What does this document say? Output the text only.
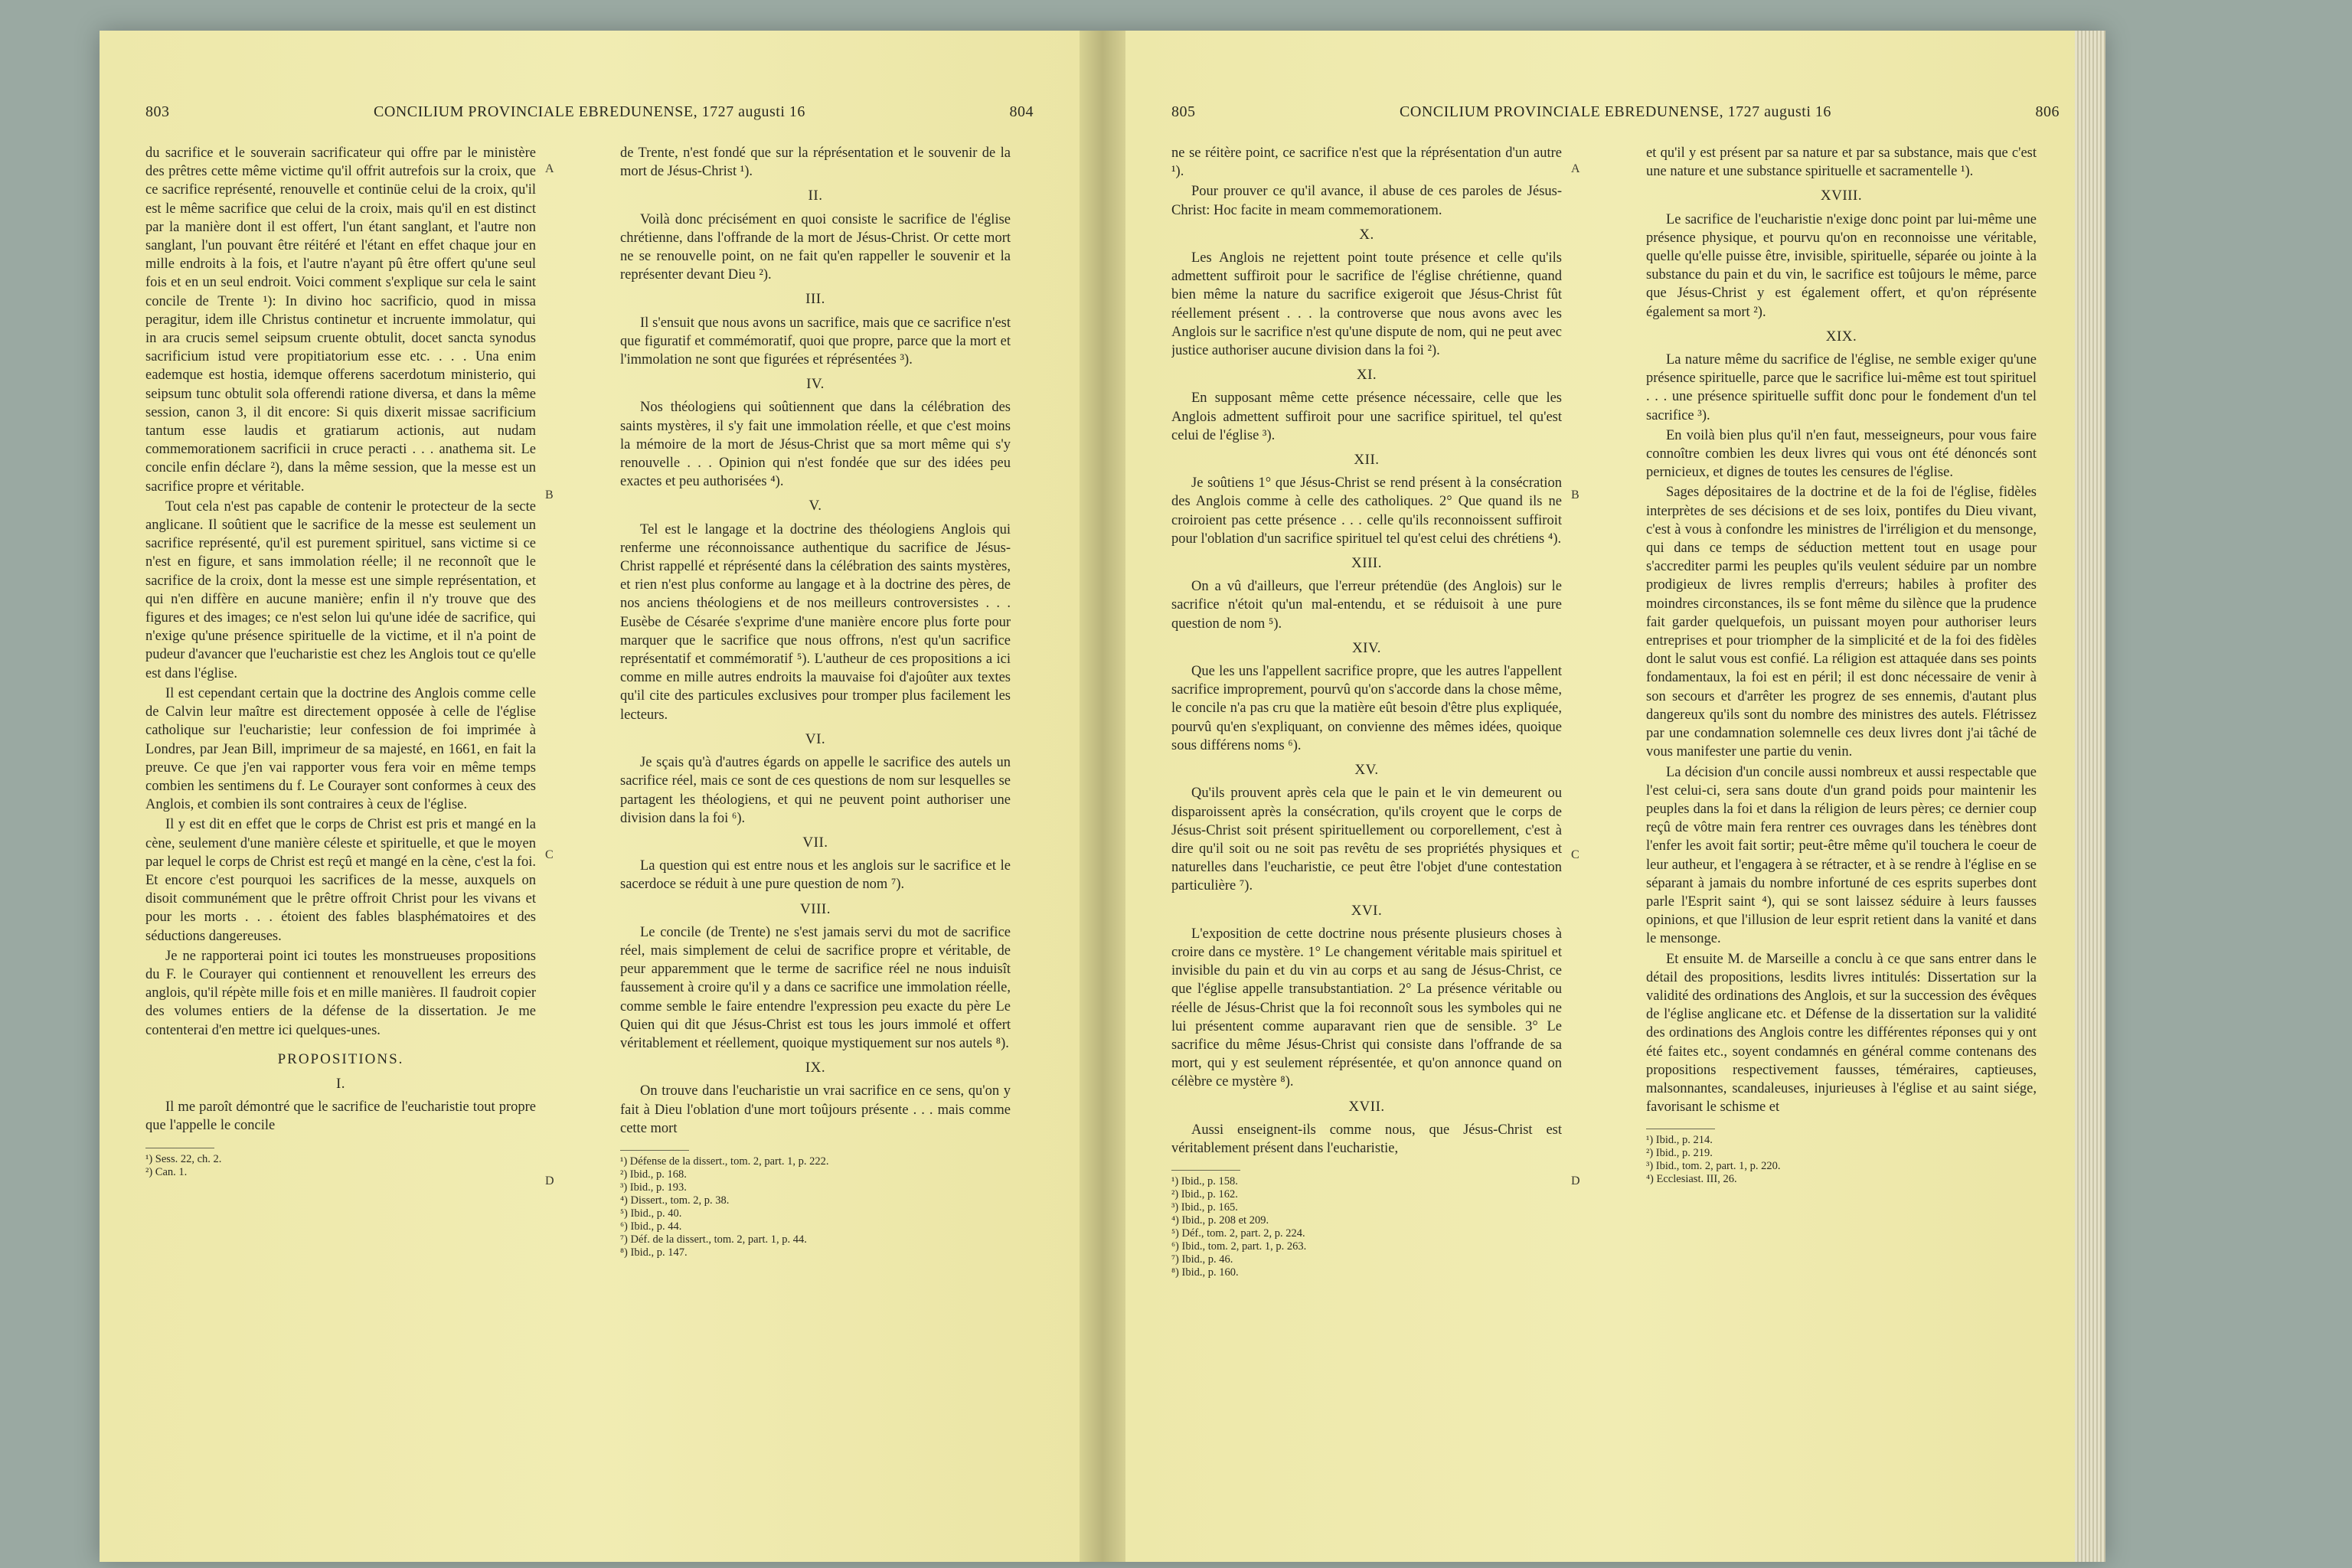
803	CONCILIUM PROVINCIALE EBREDUNENSE, 1727 augusti 16	804

du sacrifice et le souverain sacrificateur qui offre par le ministère des prêtres cette même victime qu'il offrit autrefois sur la croix, que ce sacrifice représenté, renouvelle et continüe celui de la croix, qu'il est le même sacrifice que celui de la croix, mais qu'il en est distinct par la manière dont il est offert, l'un étant sanglant, et l'autre non sanglant, l'un pouvant être réitéré et l'étant en effet chaque jour en mille endroits à la fois, et l'autre n'ayant pû être offert qu'une seul fois et en un seul endroit. Voici comment s'explique sur cela le saint concile de Trente ¹): In divino hoc sacrificio, quod in missa peragitur, idem ille Christus continetur et incruente immolatur, qui in ara crucis semel seipsum cruente obtulit, docet sancta synodus sacrificium istud vere propitiatorium esse etc. . . . Una enim eademque est hostia, idemque offerens sacerdotum ministerio, qui seipsum tunc obtulit sola offerendi ratione diversa, et dans la même session, canon 3, il dit encore: Si quis dixerit missae sacrificium tantum esse laudis et gratiarum actionis, aut nudam commemorationem sacrificii in cruce peracti . . . anathema sit. Le concile enfin déclare ²), dans la même session, que la messe est un sacrifice propre et véritable.

Tout cela n'est pas capable de contenir le protecteur de la secte anglicane. Il soûtient que le sacrifice de la messe est seulement un sacrifice représenté, qu'il est purement spirituel, sans victime si ce n'est en figure, et sans immolation réelle; il ne reconnoît que le sacrifice de la croix, dont la messe est une simple représentation, et qui n'en diffère en aucune manière; enfin il n'y trouve que des figures et des images; ce n'est selon lui qu'une idée de sacrifice, qui n'exige qu'une présence spirituelle de la victime, et il n'a point de pudeur d'avancer que l'eucharistie est chez les Anglois tout ce qu'elle est dans l'église.

Il est cependant certain que la doctrine des Anglois comme celle de Calvin leur maître est directement opposée à celle de l'église catholique sur l'eucharistie; leur confession de foi imprimée à Londres, par Jean Bill, imprimeur de sa majesté, en 1661, en fait la preuve. Ce que j'en vai rapporter vous fera voir en même temps combien les sentimens du f. Le Courayer sont conformes à ceux des Anglois, et combien ils sont contraires à ceux de l'église.

Il y est dit en effet que le corps de Christ est pris et mangé en la cène, seulement d'une manière céleste et spirituelle, et que le moyen par lequel le corps de Christ est reçû et mangé en la cène, c'est la foi. Et encore c'est pourquoi les sacrifices de la messe, auxquels on disoit communément que le prêtre offroit Christ pour les vivans et pour les morts . . . étoient des fables blasphématoires et des séductions dangereuses.

Je ne rapporterai point ici toutes les monstrueuses propositions du F. le Courayer qui contiennent et renouvellent les erreurs des anglois, qu'il répète mille fois et en mille manières. Il faudroit copier des volumes entiers de la défense de la dissertation. Je me contenterai d'en mettre ici quelques-unes.

PROPOSITIONS.
I.

Il me paroît démontré que le sacrifice de l'eucharistie tout propre que l'appelle le concile

¹) Sess. 22, ch. 2.
²) Can. 1.

de Trente, n'est fondé que sur la réprésentation et le souvenir de la mort de Jésus-Christ ¹).

II.

Voilà donc précisément en quoi consiste le sacrifice de l'église chrétienne, dans l'offrande de la mort de Jésus-Christ. Or cette mort ne se renouvelle point, on ne fait qu'en rappeller le souvenir et la représenter devant Dieu ²).

III.

Il s'ensuit que nous avons un sacrifice, mais que ce sacrifice n'est que figuratif et commémoratif, quoi que propre, parce que la mort et l'immolation ne sont que figurées et réprésentées ³).

IV.

Nos théologiens qui soûtiennent que dans la célébration des saints mystères, il s'y fait une immolation réelle, et que c'est moins la mémoire de la mort de Jésus-Christ que sa mort même qui s'y renouvelle . . . Opinion qui n'est fondée que sur des idées peu exactes et peu authorisées ⁴).

V.

Tel est le langage et la doctrine des théologiens Anglois qui renferme une réconnoissance authentique du sacrifice de Jésus-Christ rappellé et réprésenté dans la célébration des saints mystères, et rien n'est plus conforme au langage et à la doctrine des pères, de nos anciens théologiens et de nos meilleurs controversistes . . . Eusèbe de Césarée s'exprime d'une manière encore plus forte pour marquer que le sacrifice que nous offrons, n'est qu'un sacrifice représentatif et commémoratif ⁵). L'autheur de ces propositions a ici comme en mille autres endroits la mauvaise foi d'ajoûter aux textes qu'il cite des particules exclusives pour tromper plus facilement les lecteurs.

VI.

Je sçais qu'à d'autres égards on appelle le sacrifice des autels un sacrifice réel, mais ce sont de ces questions de nom sur lesquelles se partagent les théologiens, et qui ne peuvent point authoriser une division dans la foi ⁶).

VII.

La question qui est entre nous et les anglois sur le sacrifice et le sacerdoce se réduit à une pure question de nom ⁷).

VIII.

Le concile (de Trente) ne s'est jamais servi du mot de sacrifice réel, mais simplement de celui de sacrifice propre et véritable, de peur apparemment que le terme de sacrifice réel ne nous induisît faussement à croire qu'il y a dans ce sacrifice une immolation réelle, comme semble le faire entendre l'expression peu exacte du père Le Quien qui dit que Jésus-Christ est tous les jours immolé et offert véritablement et réellement, quoique mystiquement sur nos autels ⁸).

IX.

On trouve dans l'eucharistie un vrai sacrifice en ce sens, qu'on y fait à Dieu l'oblation d'une mort toûjours présente . . . mais comme cette mort

¹) Défense de la dissert., tom. 2, part. 1, p. 222.
²) Ibid., p. 168.
³) Ibid., p. 193.
⁴) Dissert., tom. 2, p. 38.
⁵) Ibid., p. 40.
⁶) Ibid., p. 44.
⁷) Déf. de la dissert., tom. 2, part. 1, p. 44.
⁸) Ibid., p. 147.
A
B
C
D
805	CONCILIUM PROVINCIALE EBREDUNENSE, 1727 augusti 16	806

ne se réitère point, ce sacrifice n'est que la réprésentation d'un autre ¹).

Pour prouver ce qu'il avance, il abuse de ces paroles de Jésus-Christ: Hoc facite in meam commemorationem.

X.

Les Anglois ne rejettent point toute présence et celle qu'ils admettent suffiroit pour le sacrifice de l'église chrétienne, quand bien même la nature du sacrifice exigeroit que Jésus-Christ fût réellement présent . . . la controverse que nous avons avec les Anglois sur le sacrifice n'est qu'une dispute de nom, qui ne peut avec justice authoriser aucune division dans la foi ²).

XI.

En supposant même cette présence nécessaire, celle que les Anglois admettent suffiroit pour une sacrifice spirituel, tel qu'est celui de l'église ³).

XII.

Je soûtiens 1° que Jésus-Christ se rend présent à la consécration des Anglois comme à celle des catholiques. 2° Que quand ils ne croiroient pas cette présence . . . celle qu'ils reconnoissent suffiroit pour l'oblation d'un sacrifice spirituel tel qu'est celui des chrétiens ⁴).

XIII.

On a vû d'ailleurs, que l'erreur prétendüe (des Anglois) sur le sacrifice n'étoit qu'un mal-entendu, et se réduisoit à une pure question de nom ⁵).

XIV.

Que les uns l'appellent sacrifice propre, que les autres l'appellent sacrifice improprement, pourvû qu'on s'accorde dans la chose même, le concile n'a pas cru que la matière eût besoin d'être plus expliquée, pourvû qu'en s'expliquant, on convienne des mêmes idées, quoique sous différens noms ⁶).

XV.

Qu'ils prouvent après cela que le pain et le vin demeurent ou disparoissent après la consécration, qu'ils croyent que le corps de Jésus-Christ soit présent spirituellement ou corporellement, c'est à dire qu'il soit ou ne soit pas revêtu de ses propriétés physiques et naturelles dans l'eucharistie, ce peut être l'objet d'une contestation particulière ⁷).

XVI.

L'exposition de cette doctrine nous présente plusieurs choses à croire dans ce mystère. 1° Le changement véritable mais spirituel et invisible du pain et du vin au corps et au sang de Jésus-Christ, ce que l'église appelle transubstantiation. 2° La présence véritable ou réelle de Jésus-Christ que la foi reconnoît sous les symboles qui ne lui présentent comme auparavant rien que de sensible. 3° Le sacrifice du même Jésus-Christ qui consiste dans l'offrande de sa mort, qui y est seulement réprésentée, et qu'on annonce quand on célèbre ce mystère ⁸).

XVII.

Aussi enseignent-ils comme nous, que Jésus-Christ est véritablement présent dans l'eucharistie,

¹) Ibid., p. 158.
²) Ibid., p. 162.
³) Ibid., p. 165.
⁴) Ibid., p. 208 et 209.
⁵) Déf., tom. 2, part. 2, p. 224.
⁶) Ibid., tom. 2, part. 1, p. 263.
⁷) Ibid., p. 46.
⁸) Ibid., p. 160.

et qu'il y est présent par sa nature et par sa substance, mais que c'est une nature et une substance spirituelle et sacramentelle ¹).

XVIII.

Le sacrifice de l'eucharistie n'exige donc point par lui-même une présence physique, et pourvu qu'on en reconnoisse une véritable, quelle qu'elle puisse être, invisible, spirituelle, séparée ou jointe à la substance du pain et du vin, le sacrifice est toûjours le même, parce que Jésus-Christ y est également offert, et qu'on réprésente également sa mort ²).

XIX.

La nature même du sacrifice de l'église, ne semble exiger qu'une présence spirituelle, parce que le sacrifice lui-même est tout spirituel . . . une présence spirituelle suffit donc pour le fondement d'un tel sacrifice ³).

En voilà bien plus qu'il n'en faut, messeigneurs, pour vous faire connoître combien les deux livres qui vous ont été dénoncés sont pernicieux, et dignes de toutes les censures de l'église.

Sages dépositaires de la doctrine et de la foi de l'église, fidèles interprètes de ses décisions et de ses loix, pontifes du Dieu vivant, c'est à vous à confondre les ministres de l'irréligion et du mensonge, qui dans ce temps de séduction mettent tout en usage pour s'accrediter parmi les peuples qu'ils veulent séduire par un nombre prodigieux de livres remplis d'erreurs; habiles à profiter des moindres circonstances, ils se font même du silènce que la prudence fait garder quelquefois, un puissant moyen pour authoriser leurs entreprises et pour triompher de la simplicité et de la foi des fidèles dont le salut vous est confié. La réligion est attaquée dans ses points fondamentaux, la foi est en péril; il est donc nécessaire de venir à son secours et d'arrêter les progrez de ses ennemis, d'autant plus dangereux qu'ils sont du nombre des ministres des autels. Flétrissez par une condamnation solemnelle ces deux livres dont j'ai tâché de vous manifester une partie du venin.

La décision d'un concile aussi nombreux et aussi respectable que l'est celui-ci, sera sans doute d'un grand poids pour maintenir les peuples dans la foi et dans la réligion de leurs pères; ce dernier coup reçû de vôtre main fera rentrer ces ouvrages dans les ténèbres dont l'enfer les avoit fait sortir; peut-être même qu'il touchera le coeur de leur autheur, et l'engagera à se rétracter, et à se rendre à l'église en se séparant à jamais du nombre infortuné de ces esprits superbes dont parle l'Esprit saint ⁴), qui se sont laissez séduire à leurs fausses opinions, et que l'illusion de leur esprit retient dans la vanité et dans le mensonge.

Et ensuite M. de Marseille a conclu à ce que sans entrer dans le détail des propositions, lesdits livres intitulés: Dissertation sur la validité des ordinations des Anglois, et sur la succession des évêques de l'église anglicane etc. et Défense de la dissertation sur la validité des ordinations des Anglois contre les différentes réponses qui y ont été faites etc., soyent condamnés en général comme contenans des propositions respectivement fausses, téméraires, captieuses, malsonnantes, scandaleuses, injurieuses à l'église et au saint siége, favorisant le schisme et

¹) Ibid., p. 214.
²) Ibid., p. 219.
³) Ibid., tom. 2, part. 1, p. 220.
⁴) Ecclesiast. III, 26.
A
B
C
D
